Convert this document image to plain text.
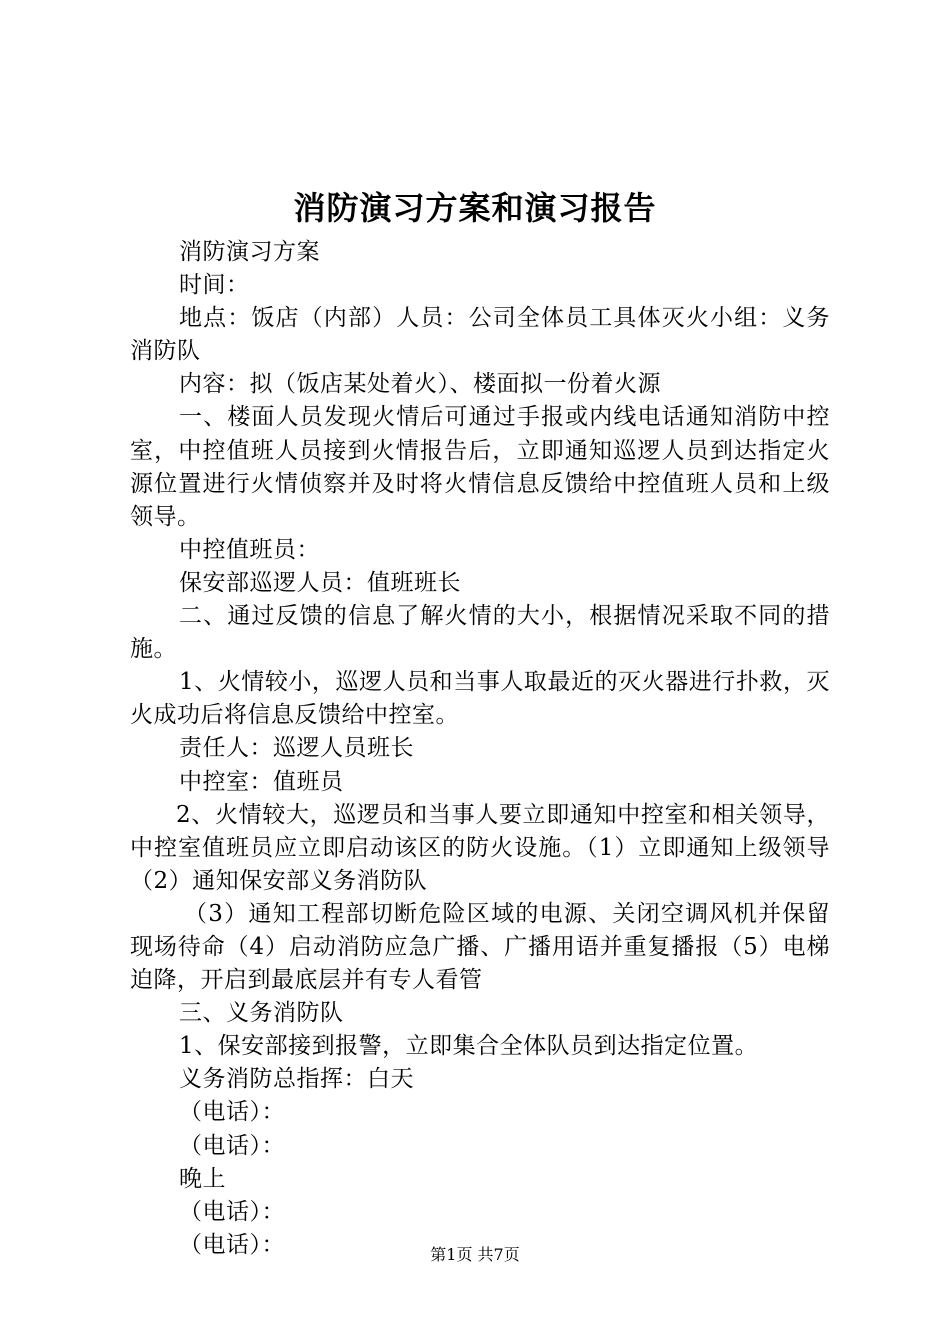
消防演习方案和演习报告

消防演习方案

时间：

地点：饭店（内部）人员：公司全体员工具体灭火小组：义务消防队

内容：拟（饭店某处着火）、楼面拟一份着火源

一、楼面人员发现火情后可通过手报或内线电话通知消防中控室，中控值班人员接到火情报告后，立即通知巡逻人员到达指定火源位置进行火情侦察并及时将火情信息反馈给中控值班人员和上级领导。

中控值班员：

保安部巡逻人员：值班班长

二、通过反馈的信息了解火情的大小，根据情况采取不同的措施。

1、火情较小，巡逻人员和当事人取最近的灭火器进行扑救，灭火成功后将信息反馈给中控室。

责任人：巡逻人员班长

中控室：值班员

2、火情较大，巡逻员和当事人要立即通知中控室和相关领导，中控室值班员应立即启动该区的防火设施。（1）立即通知上级领导（2）通知保安部义务消防队

（3）通知工程部切断危险区域的电源、关闭空调风机并保留现场待命（4）启动消防应急广播、广播用语并重复播报（5）电梯迫降，开启到最底层并有专人看管

三、义务消防队

1、保安部接到报警，立即集合全体队员到达指定位置。

义务消防总指挥：白天

（电话）：

（电话）：

晚上

（电话）：

（电话）：	第1页 共7页
